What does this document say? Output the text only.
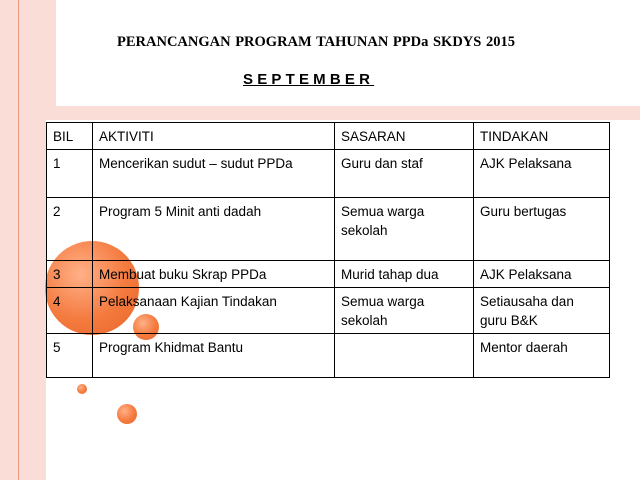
PERANCANGAN PROGRAM TAHUNAN PPDa SKDYS 2015
SEPTEMBER
BIL	AKTIVITI	SASARAN	TINDAKAN
1	Mencerikan sudut – sudut PPDa	Guru dan staf	AJK Pelaksana
2	Program 5 Minit anti dadah	Semua warga sekolah	Guru bertugas
3	Membuat buku Skrap PPDa	Murid tahap dua	AJK Pelaksana
4	Pelaksanaan Kajian Tindakan	Semua warga sekolah	Setiausaha dan guru B&K
5	Program Khidmat Bantu		Mentor daerah
